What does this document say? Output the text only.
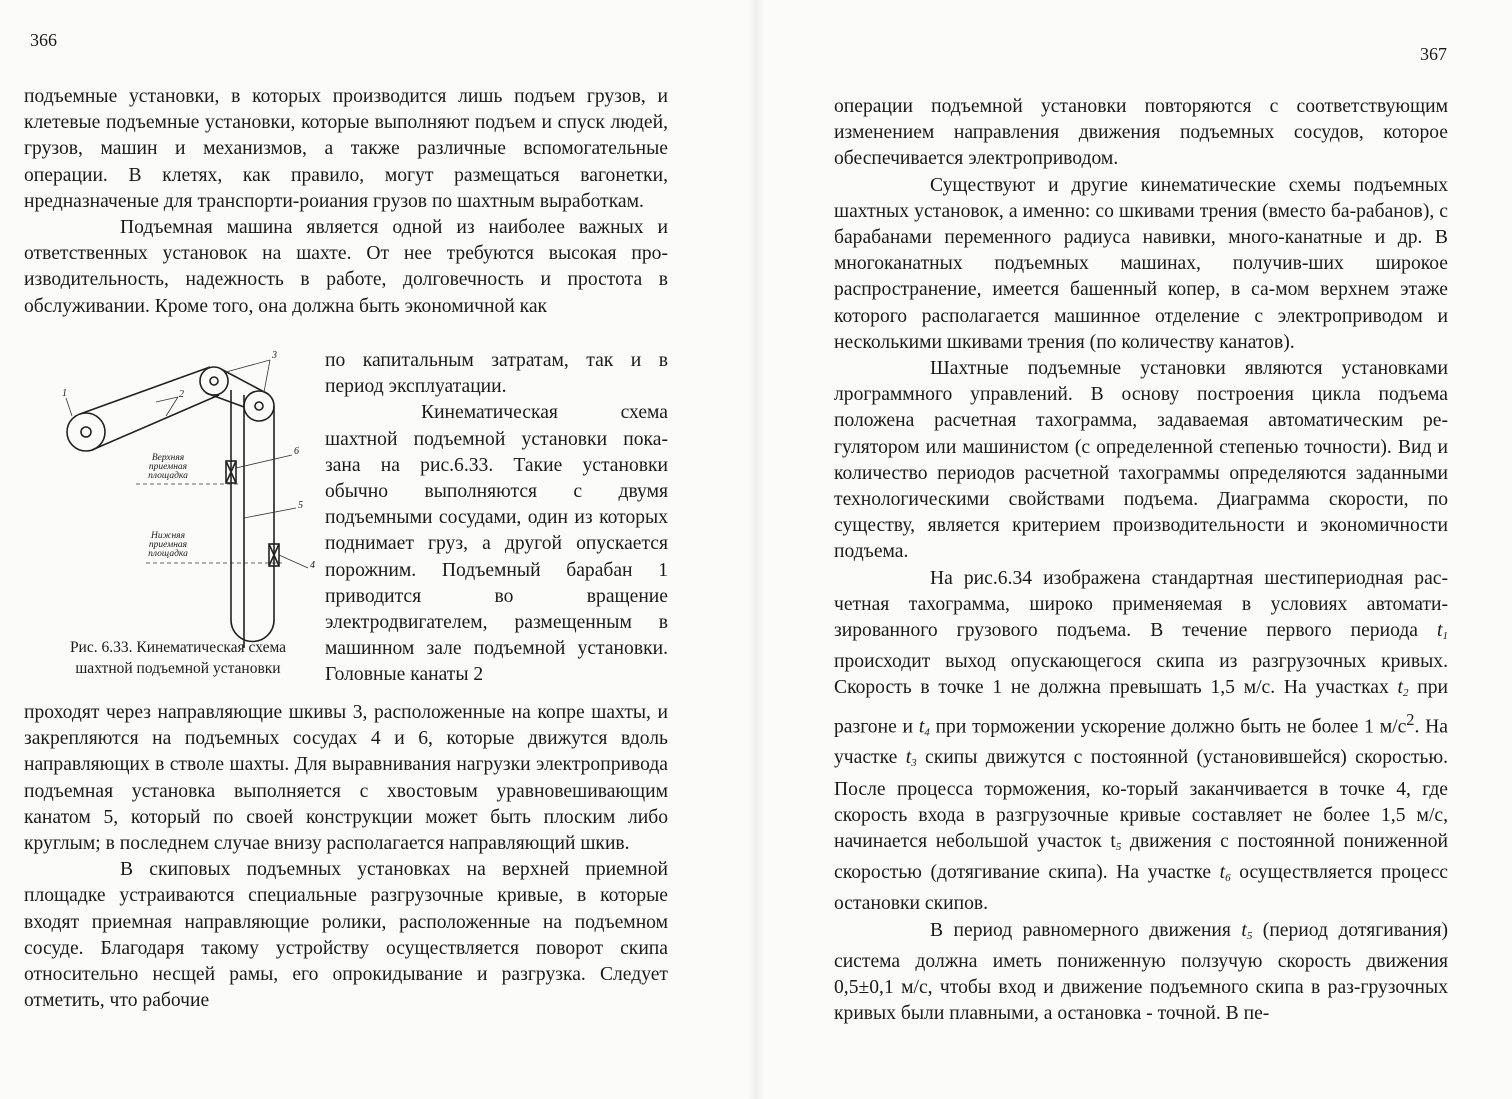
366

подъемные установки, в которых производится лишь подъем грузов, и клетевые подъемные установки, которые выполняют подъем и спуск людей, грузов, машин и механизмов, а также различные вспомогательные операции. В клетях, как правило, могут размещаться вагонетки, нредназначеные для транспорти-роиания грузов по шахтным выработкам.

Подъемная машина является одной из наиболее важных и ответственных установок на шахте. От нее требуются высокая про-изводительность, надежность в работе, долговечность и простота в обслуживании. Кроме того, она должна быть экономичной как

1	2
3
4
5
6
Верхняя приемная площадка
Нижняя приемная площадка
Рис. 6.33. Кинематическая схема
шахтной подъемной установки

по капитальным затратам, так и в период эксплуатации.

Кинематическая схема шахтной подъемной установки пока-зана на рис.6.33. Такие установки обычно выполняются с двумя подъемными сосудами, один из которых поднимает груз, а другой опускается порожним. Подъемный барабан 1 приводится во вращение электродвигателем, размещенным в машинном зале подъемной установки. Головные канаты 2

проходят через направляющие шкивы 3, расположенные на копре шахты, и закрепляются на подъемных сосудах 4 и 6, которые движутся вдоль направляющих в стволе шахты. Для выравнивания нагрузки электропривода подъемная установка выполняется с хвостовым уравновешивающим канатом 5, который по своей конструкции может быть плоским либо круглым; в последнем случае внизу располагается направляющий шкив.

В скиповых подъемных установках на верхней приемной площадке устраиваются специальные разгрузочные кривые, в которые входят приемная направляющие ролики, расположенные на подъемном сосуде. Благодаря такому устройству осуществляется поворот скипа относительно несщей рамы, его опрокидывание и разгрузка. Следует отметить, что рабочие

367

операции подъемной установки повторяются с соответствующим изменением направления движения подъемных сосудов, которое обеспечивается электроприводом.

Существуют и другие кинематические схемы подъемных шахтных установок, а именно: со шкивами трения (вместо ба-рабанов), с барабанами переменного радиуса навивки, много-канатные и др. В многоканатных подъемных машинах, получив-ших широкое распространение, имеется башенный копер, в са-мом верхнем этаже которого располагается машинное отделение с электроприводом и несколькими шкивами трения (по количеству канатов).

Шахтные подъемные установки являются установками лрограммного управлений. В основу построения цикла подъема положена расчетная тахограмма, задаваемая автоматическим ре-гулятором или машинистом (с определенной степенью точности). Вид и количество периодов расчетной тахограммы определяются заданными технологическими свойствами подъема. Диаграмма скорости, по существу, является критерием производительности и экономичности подъема.

На рис.6.34 изображена стандартная шестипериодная рас-четная тахограмма, широко применяемая в условиях автомати-зированного грузового подъема. В течение первого периода $t_1$ происходит выход опускающегося скипа из разгрузочных кривых. Скорость в точке 1 не должна превышать 1,5 м/с. На участках $t_2$ при разгоне и $t_4$ при торможении ускорение должно быть не более 1 $м/с^2$. На участке $t_3$ скипы движутся с постоянной (установившейся) скоростью. После процесса торможения, ко-торый заканчивается в точке 4, где скорость входа в разгрузочные кривые составляет не более 1,5 м/с, начинается небольшой участок $t_5$ движения с постоянной пониженной скоростью (дотягивание скипа). На участке $t_6$ осуществляется процесс остановки скипов.

В период равномерного движения $t_5$ (период дотягивания) система должна иметь пониженную ползучую скорость движения 0,5±0,1 м/с, чтобы вход и движение подъемного скипа в раз-грузочных кривых были плавными, а остановка - точной. В пе-
